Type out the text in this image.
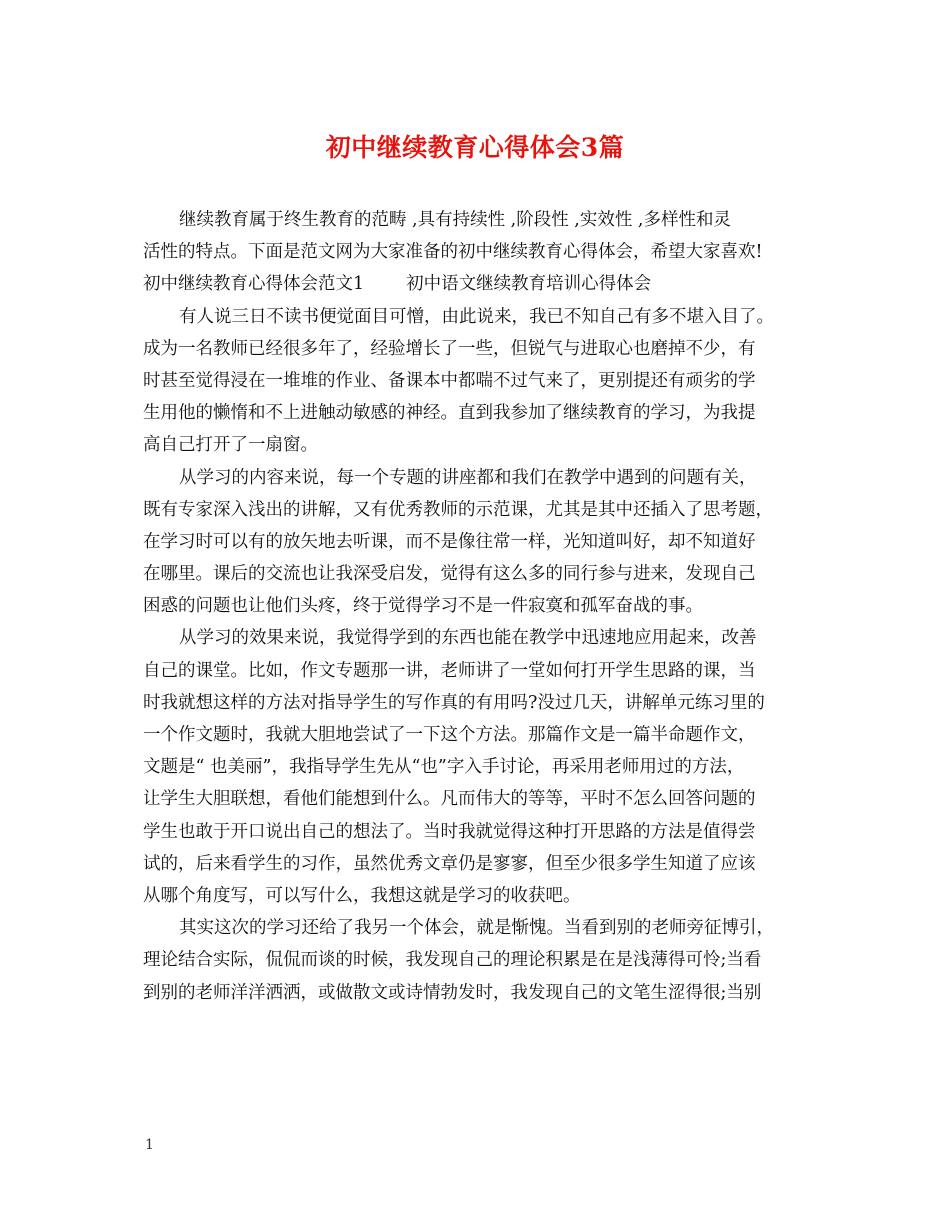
初中继续教育心得体会3篇
继续教育属于终生教育的范畴 ,具有持续性 ,阶段性 ,实效性 ,多样性和灵
活性的特点。下面是范文网为大家准备的初中继续教育心得体会，希望大家喜欢!
初中继续教育心得体会范文1 初中语文继续教育培训心得体会
有人说三日不读书便觉面目可憎，由此说来，我已不知自己有多不堪入目了。
成为一名教师已经很多年了，经验增长了一些，但锐气与进取心也磨掉不少，有
时甚至觉得浸在一堆堆的作业、备课本中都喘不过气来了，更别提还有顽劣的学
生用他的懒惰和不上进触动敏感的神经。直到我参加了继续教育的学习，为我提
高自己打开了一扇窗。
从学习的内容来说，每一个专题的讲座都和我们在教学中遇到的问题有关，
既有专家深入浅出的讲解，又有优秀教师的示范课，尤其是其中还插入了思考题，
在学习时可以有的放矢地去听课，而不是像往常一样，光知道叫好，却不知道好
在哪里。课后的交流也让我深受启发，觉得有这么多的同行参与进来，发现自己
困惑的问题也让他们头疼，终于觉得学习不是一件寂寞和孤军奋战的事。
从学习的效果来说，我觉得学到的东西也能在教学中迅速地应用起来，改善
自己的课堂。比如，作文专题那一讲，老师讲了一堂如何打开学生思路的课，当
时我就想这样的方法对指导学生的写作真的有用吗?没过几天，讲解单元练习里的
一个作文题时，我就大胆地尝试了一下这个方法。那篇作文是一篇半命题作文，
文题是“ 也美丽”，我指导学生先从“也”字入手讨论，再采用老师用过的方法，
让学生大胆联想，看他们能想到什么。凡而伟大的等等，平时不怎么回答问题的
学生也敢于开口说出自己的想法了。当时我就觉得这种打开思路的方法是值得尝
试的，后来看学生的习作，虽然优秀文章仍是寥寥，但至少很多学生知道了应该
从哪个角度写，可以写什么，我想这就是学习的收获吧。
其实这次的学习还给了我另一个体会，就是惭愧。当看到别的老师旁征博引，
理论结合实际，侃侃而谈的时候，我发现自己的理论积累是在是浅薄得可怜;当看
到别的老师洋洋洒洒，或做散文或诗情勃发时，我发现自己的文笔生涩得很;当别
1
